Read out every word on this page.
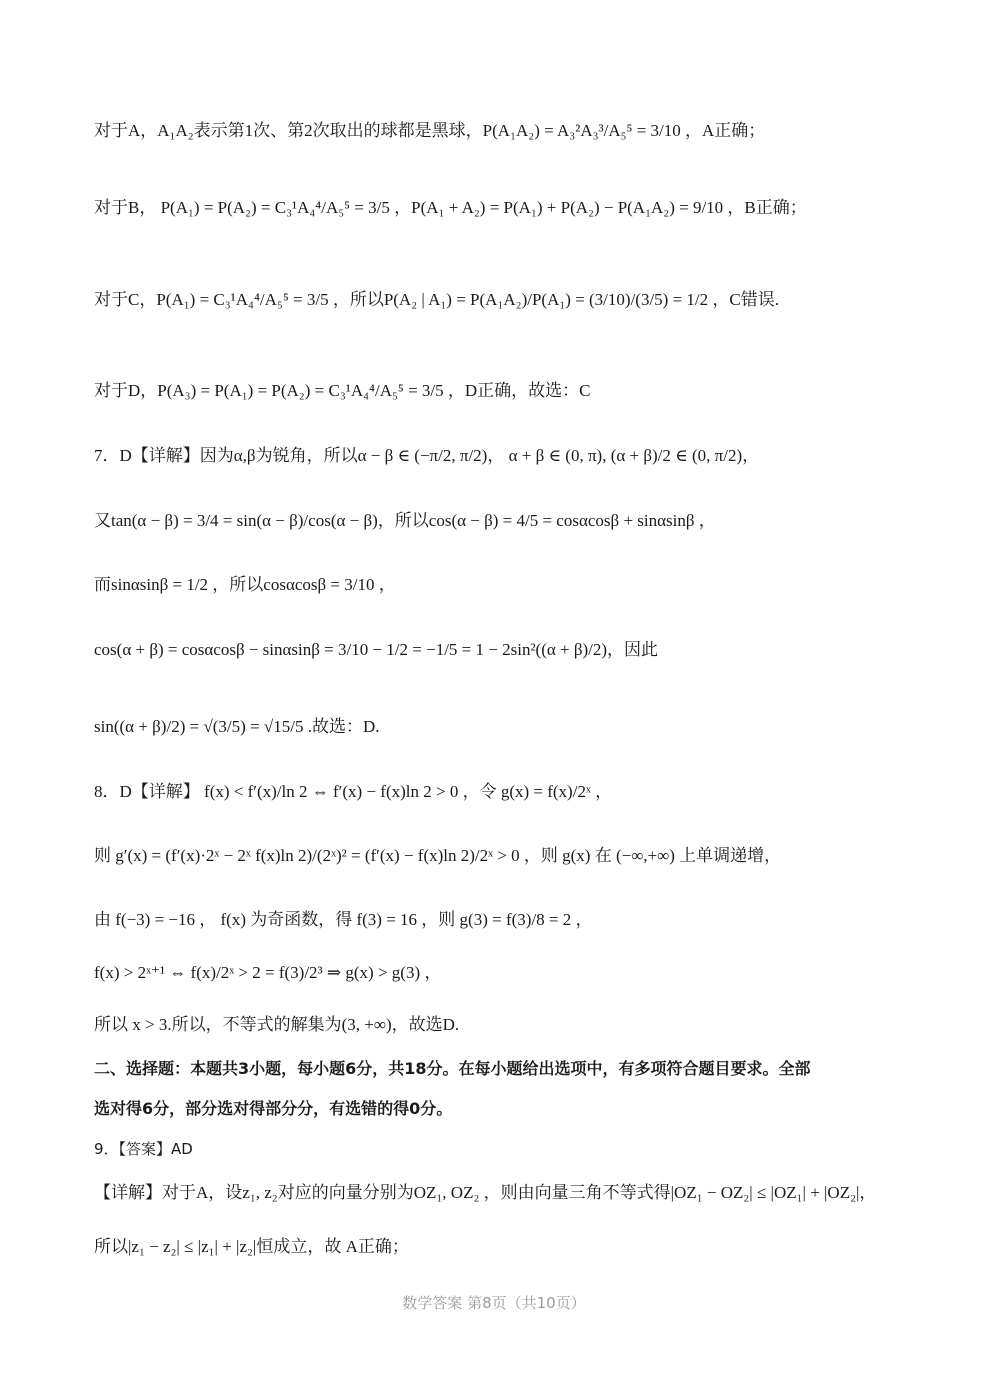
对于A，A₁A₂表示第1次、第2次取出的球都是黑球，P(A₁A₂) = A₃²A₃³/A₅⁵ = 3/10 ，A正确；
对于B， P(A₁) = P(A₂) = C₃¹A₄⁴/A₅⁵ = 3/5 ，P(A₁ + A₂) = P(A₁) + P(A₂) − P(A₁A₂) = 9/10 ，B正确；
对于C，P(A₁) = C₃¹A₄⁴/A₅⁵ = 3/5 ，所以P(A₂ | A₁) = P(A₁A₂)/P(A₁) = (3/10)/(3/5) = 1/2 ，C错误.
对于D，P(A₃) = P(A₁) = P(A₂) = C₃¹A₄⁴/A₅⁵ = 3/5 ，D正确，故选：C
7．D【详解】因为α,β为锐角，所以α − β ∈ (−π/2, π/2)， α + β ∈ (0, π), (α + β)/2 ∈ (0, π/2)，
又tan(α − β) = 3/4 = sin(α − β)/cos(α − β)，所以cos(α − β) = 4/5 = cosαcosβ + sinαsinβ ，
而sinαsinβ = 1/2 ，所以cosαcosβ = 3/10 ，
cos(α + β) = cosαcosβ − sinαsinβ = 3/10 − 1/2 = −1/5 = 1 − 2sin²((α + β)/2)，因此
sin((α + β)/2) = √(3/5) = √15/5 .故选：D.
8．D【详解】 f(x) < f′(x)/ln 2 ⇔ f′(x) − f(x)ln 2 > 0 ，令 g(x) = f(x)/2ˣ ，
则 g′(x) = (f′(x)·2ˣ − 2ˣ f(x)ln 2)/(2ˣ)² = (f′(x) − f(x)ln 2)/2ˣ > 0 ，则 g(x) 在 (−∞,+∞) 上单调递增，
由 f(−3) = −16 ， f(x) 为奇函数，得 f(3) = 16 ，则 g(3) = f(3)/8 = 2 ，
f(x) > 2ˣ⁺¹ ⇔ f(x)/2ˣ > 2 = f(3)/2³ ⇒ g(x) > g(3) ，
所以 x > 3.所以，不等式的解集为(3, +∞)，故选D.
二、选择题：本题共3小题，每小题6分，共18分。在每小题给出选项中，有多项符合题目要求。全部
选对得6分，部分选对得部分分，有选错的得0分。
9．【答案】AD
【详解】对于A，设z₁, z₂对应的向量分别为OZ₁, OZ₂ ，则由向量三角不等式得|OZ₁ − OZ₂| ≤ |OZ₁| + |OZ₂|，
所以|z₁ − z₂| ≤ |z₁| + |z₂|恒成立，故 A正确；
数学答案 第8页（共10页）
